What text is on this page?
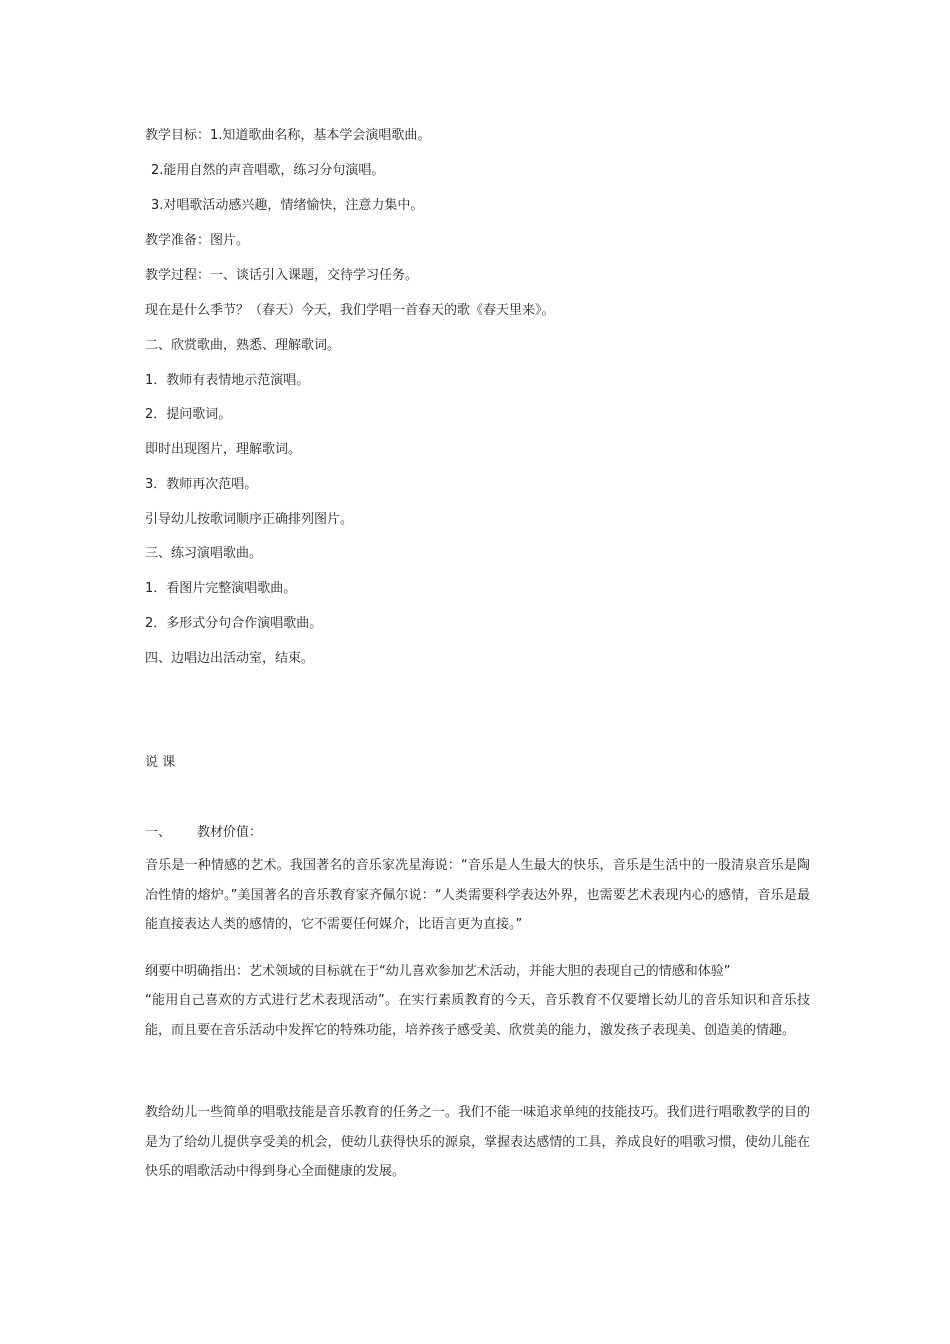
教学目标：1.知道歌曲名称，基本学会演唱歌曲。
2.能用自然的声音唱歌，练习分句演唱。
3.对唱歌活动感兴趣，情绪愉快，注意力集中。
教学准备：图片。
教学过程：一、谈话引入课题，交待学习任务。
现在是什么季节？（春天）今天，我们学唱一首春天的歌《春天里来》。
二、欣赏歌曲，熟悉、理解歌词。
1．教师有表情地示范演唱。
2．提问歌词。
即时出现图片，理解歌词。
3．教师再次范唱。
引导幼儿按歌词顺序正确排列图片。
三、练习演唱歌曲。
1．看图片完整演唱歌曲。
2．多形式分句合作演唱歌曲。
四、边唱边出活动室，结束。
说 课
一、 教材价值：
音乐是一种情感的艺术。我国著名的音乐家冼星海说：“音乐是人生最大的快乐，音乐是生活中的一股清泉音乐是陶冶性情的熔炉。”美国著名的音乐教育家齐佩尔说：“人类需要科学表达外界，也需要艺术表现内心的感情，音乐是最能直接表达人类的感情的，它不需要任何媒介，比语言更为直接。”
纲要中明确指出：艺术领域的目标就在于“幼儿喜欢参加艺术活动，并能大胆的表现自己的情感和体验”
“能用自己喜欢的方式进行艺术表现活动”。在实行素质教育的今天，音乐教育不仅要增长幼儿的音乐知识和音乐技能，而且要在音乐活动中发挥它的特殊功能，培养孩子感受美、欣赏美的能力，激发孩子表现美、创造美的情趣。
教给幼儿一些简单的唱歌技能是音乐教育的任务之一。我们不能一味追求单纯的技能技巧。我们进行唱歌教学的目的是为了给幼儿提供享受美的机会，使幼儿获得快乐的源泉，掌握表达感情的工具，养成良好的唱歌习惯，使幼儿能在快乐的唱歌活动中得到身心全面健康的发展。
